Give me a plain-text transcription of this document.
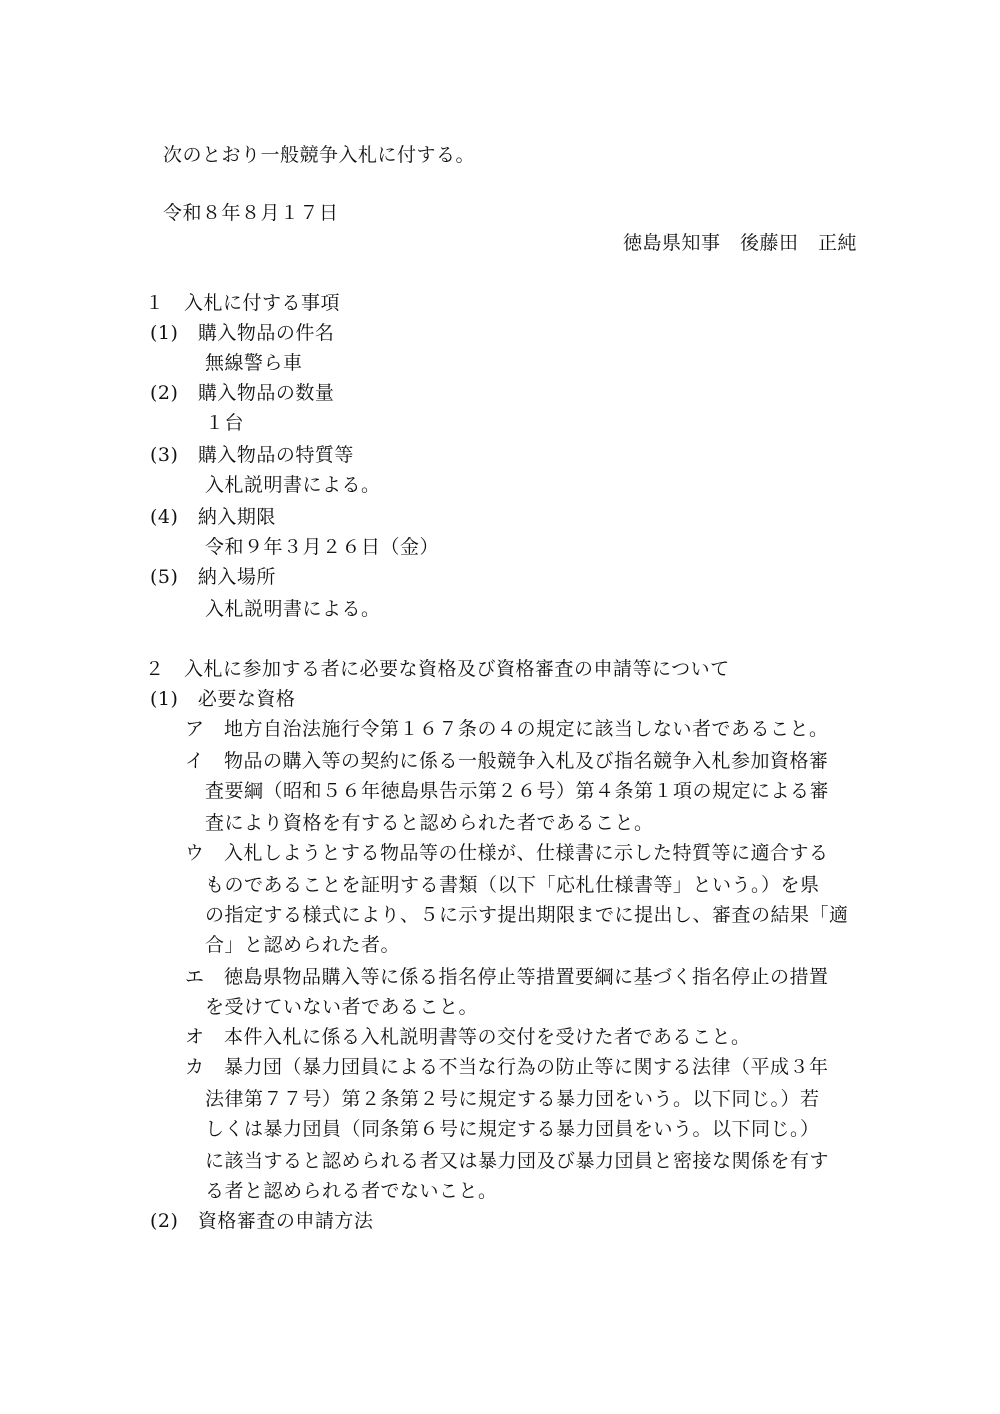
次のとおり一般競争入札に付する。
令和８年８月１７日
徳島県知事　後藤田　正純
１　入札に付する事項
(1)　購入物品の件名
無線警ら車
(2)　購入物品の数量
１台
(3)　購入物品の特質等
入札説明書による。
(4)　納入期限
令和９年３月２６日（金）
(5)　納入場所
入札説明書による。
２　入札に参加する者に必要な資格及び資格審査の申請等について
(1)　必要な資格
ア　地方自治法施行令第１６７条の４の規定に該当しない者であること。
イ　物品の購入等の契約に係る一般競争入札及び指名競争入札参加資格審
査要綱（昭和５６年徳島県告示第２６号）第４条第１項の規定による審
査により資格を有すると認められた者であること。
ウ　入札しようとする物品等の仕様が、仕様書に示した特質等に適合する
ものであることを証明する書類（以下「応札仕様書等」という。）を県
の指定する様式により、５に示す提出期限までに提出し、審査の結果「適
合」と認められた者。
エ　徳島県物品購入等に係る指名停止等措置要綱に基づく指名停止の措置
を受けていない者であること。
オ　本件入札に係る入札説明書等の交付を受けた者であること。
カ　暴力団（暴力団員による不当な行為の防止等に関する法律（平成３年
法律第７７号）第２条第２号に規定する暴力団をいう。以下同じ。）若
しくは暴力団員（同条第６号に規定する暴力団員をいう。以下同じ。）
に該当すると認められる者又は暴力団及び暴力団員と密接な関係を有す
る者と認められる者でないこと。
(2)　資格審査の申請方法
